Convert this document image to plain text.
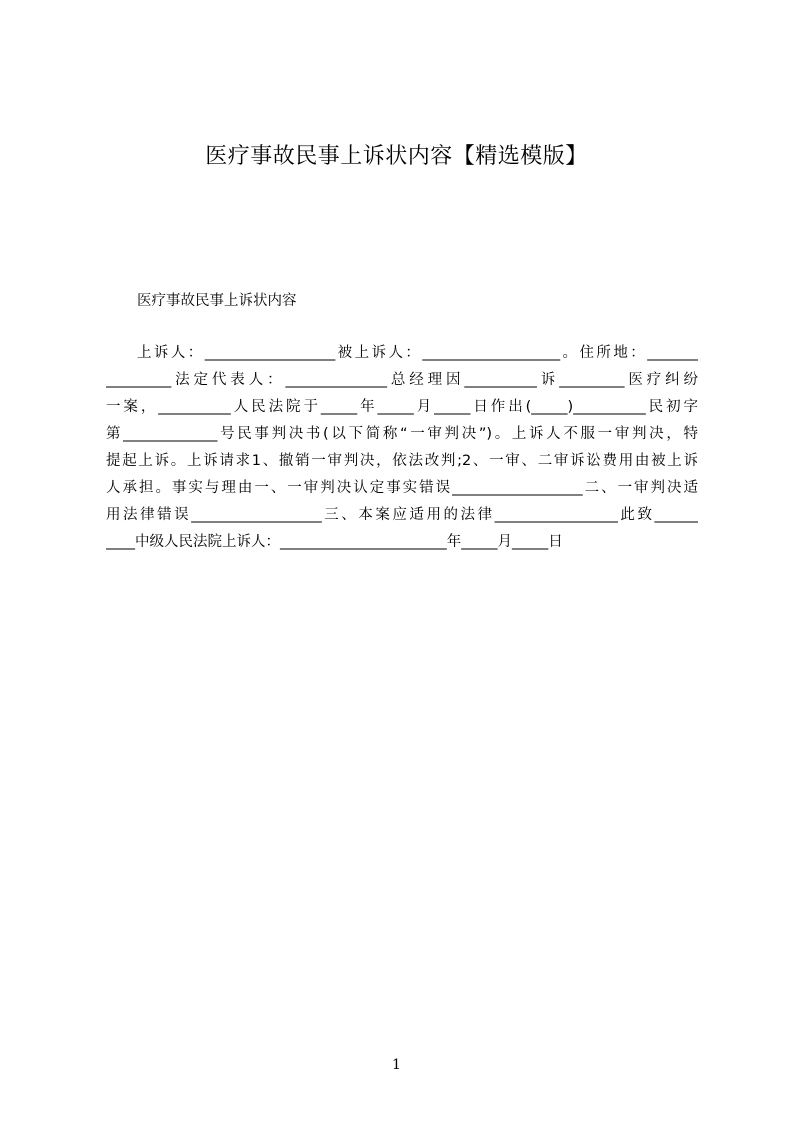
医疗事故民事上诉状内容【精选模版】
医疗事故民事上诉状内容
上诉人：__________________被上诉人：___________________。住所地：_______
_________法定代表人：______________总经理因__________诉_________医疗纠纷
一案，__________人民法院于_____年_____月_____日作出(_____)__________民初字
第_____________号民事判决书(以下简称“一审判决”)。上诉人不服一审判决，特
提起上诉。上诉请求1、撤销一审判决，依法改判;2、一审、二审诉讼费用由被上诉
人承担。事实与理由一、一审判决认定事实错误__________________二、一审判决适
用法律错误__________________三、本案应适用的法律_________________此致______
____中级人民法院上诉人：_______________________年_____月_____日
1
